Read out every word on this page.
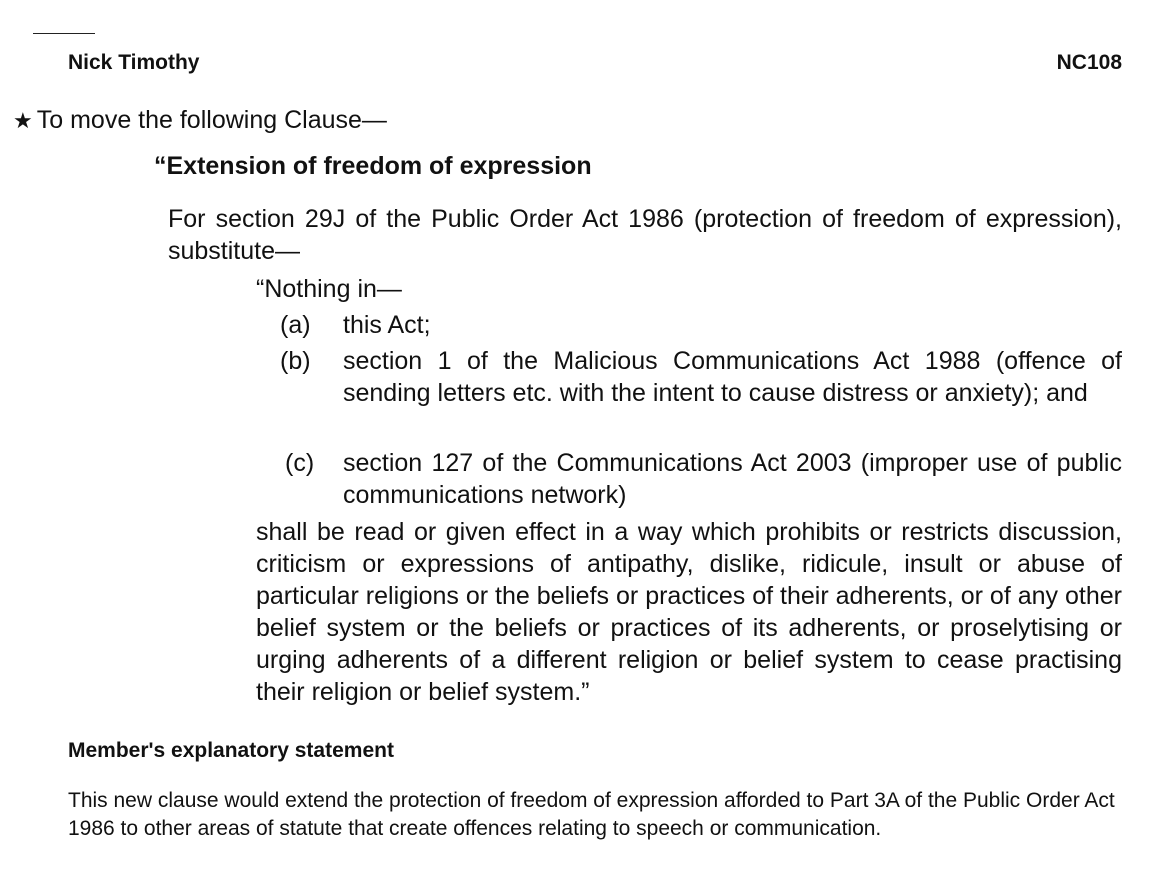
Nick Timothy	NC108
★ To move the following Clause—
“Extension of freedom of expression
For section 29J of the Public Order Act 1986 (protection of freedom of expression), substitute—
“Nothing in—
(a) this Act;
(b) section 1 of the Malicious Communications Act 1988 (offence of sending letters etc. with the intent to cause distress or anxiety); and
(c) section 127 of the Communications Act 2003 (improper use of public communications network)
shall be read or given effect in a way which prohibits or restricts discussion, criticism or expressions of antipathy, dislike, ridicule, insult or abuse of particular religions or the beliefs or practices of their adherents, or of any other belief system or the beliefs or practices of its adherents, or proselytising or urging adherents of a different religion or belief system to cease practising their religion or belief system.”
Member's explanatory statement
This new clause would extend the protection of freedom of expression afforded to Part 3A of the Public Order Act 1986 to other areas of statute that create offences relating to speech or communication.
